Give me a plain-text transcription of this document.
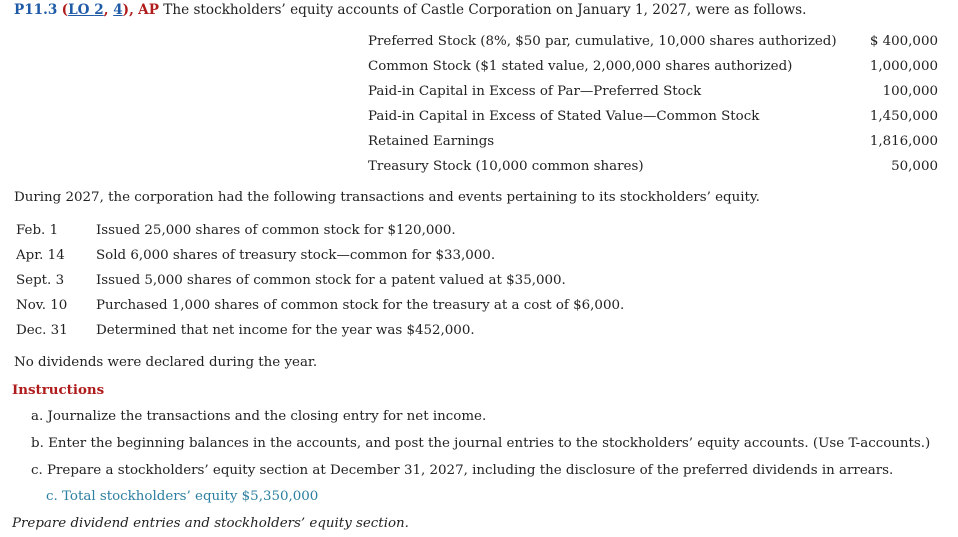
P11.3 (LO 2, 4), AP The stockholders’ equity accounts of Castle Corporation on January 1, 2027, were as follows.
Preferred Stock (8%, $50 par, cumulative, 10,000 shares authorized) $ 400,000
Common Stock ($1 stated value, 2,000,000 shares authorized)	1,000,000
Paid-in Capital in Excess of Par—Preferred Stock	100,000
Paid-in Capital in Excess of Stated Value—Common Stock	1,450,000
Retained Earnings	1,816,000
Treasury Stock (10,000 common shares)	50,000
During 2027, the corporation had the following transactions and events pertaining to its stockholders’ equity.
Feb. 1	Issued 25,000 shares of common stock for $120,000.
Apr. 14 Sold 6,000 shares of treasury stock—common for $33,000.
Sept. 3 Issued 5,000 shares of common stock for a patent valued at $35,000.
Nov. 10 Purchased 1,000 shares of common stock for the treasury at a cost of $6,000.
Dec. 31 Determined that net income for the year was $452,000.
No dividends were declared during the year.
Instructions
a. Journalize the transactions and the closing entry for net income.
b. Enter the beginning balances in the accounts, and post the journal entries to the stockholders’ equity accounts. (Use T-accounts.)
c. Prepare a stockholders’ equity section at December 31, 2027, including the disclosure of the preferred dividends in arrears.
c. Total stockholders’ equity $5,350,000
Prepare dividend entries and stockholders’ equity section.
